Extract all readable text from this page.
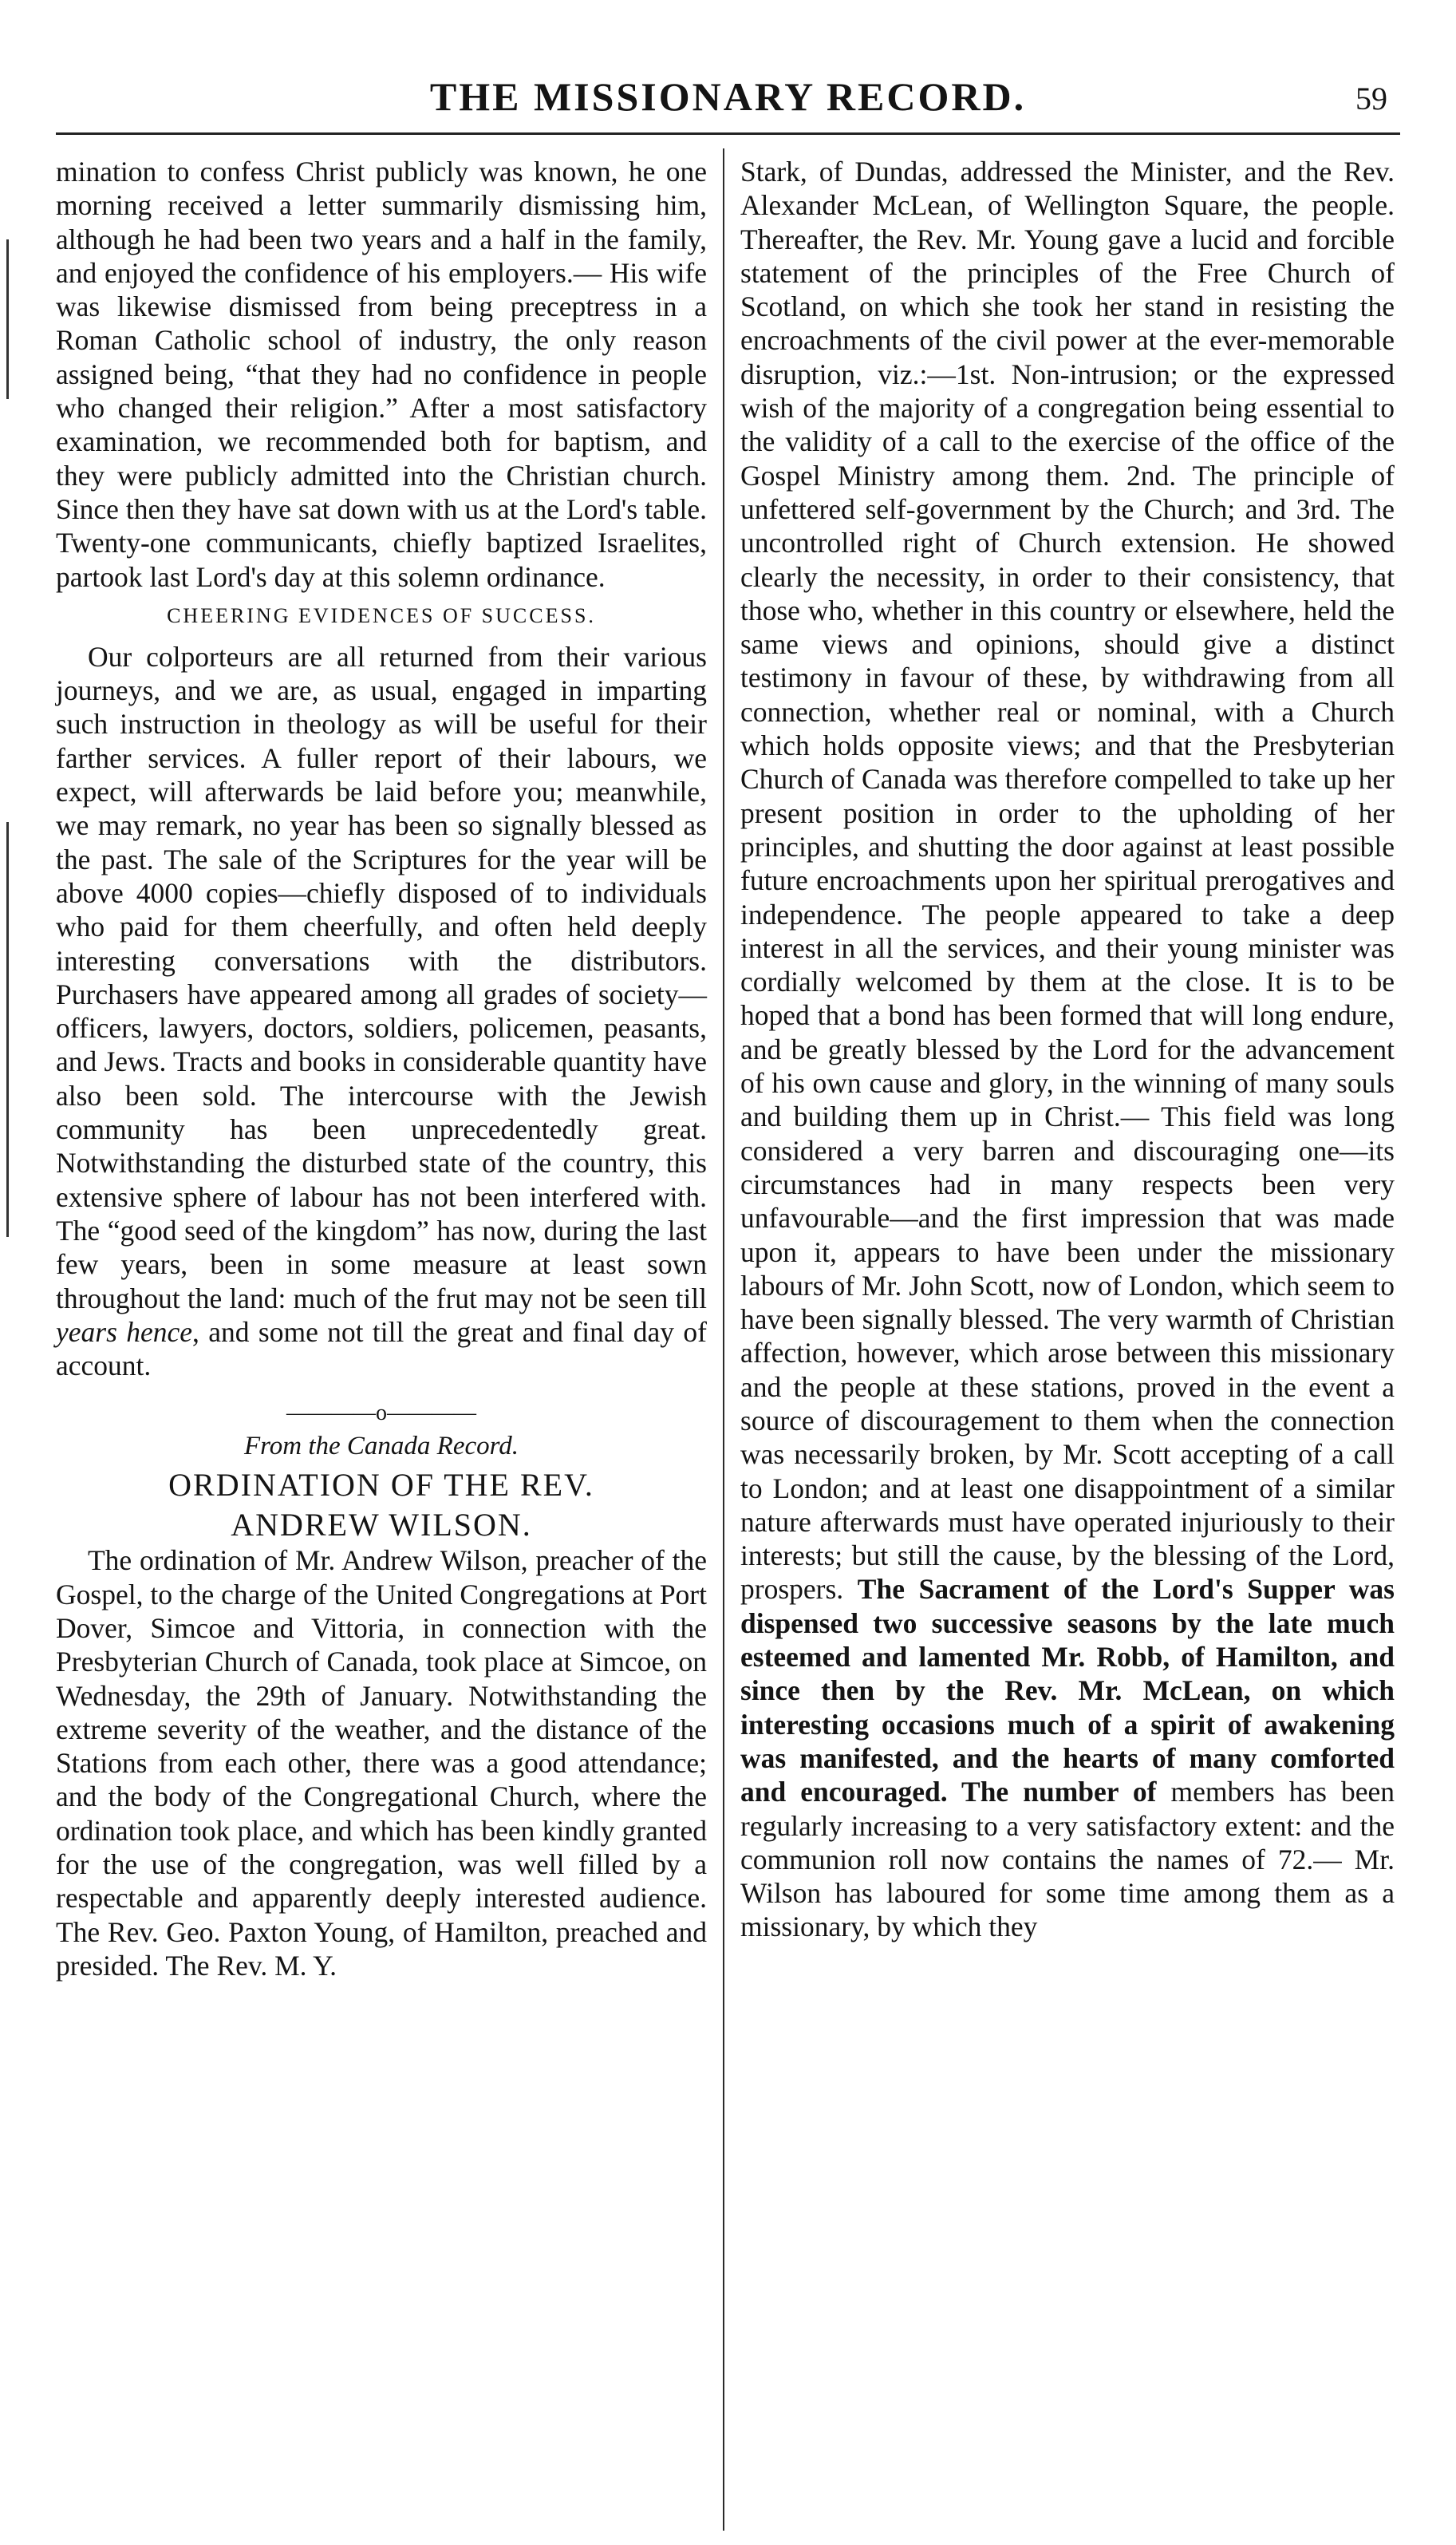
THE MISSIONARY RECORD.	59

mination to confess Christ publicly was known, he one morning received a letter summarily dismissing him, although he had been two years and a half in the family, and enjoyed the confidence of his employers.— His wife was likewise dismissed from being preceptress in a Roman Catholic school of industry, the only reason assigned being, “that they had no confidence in people who changed their religion.” After a most satisfactory examination, we recommended both for baptism, and they were publicly admitted into the Christian church. Since then they have sat down with us at the Lord's table. Twenty-one communicants, chiefly baptized Israelites, partook last Lord's day at this solemn ordinance.

CHEERING EVIDENCES OF SUCCESS.

Our colporteurs are all returned from their various journeys, and we are, as usual, engaged in imparting such instruction in theology as will be useful for their farther services. A fuller report of their labours, we expect, will afterwards be laid before you; meanwhile, we may remark, no year has been so signally blessed as the past. The sale of the Scriptures for the year will be above 4000 copies—chiefly disposed of to individuals who paid for them cheerfully, and often held deeply interesting conversations with the distributors. Purchasers have appeared among all grades of society—officers, lawyers, doctors, soldiers, policemen, peasants, and Jews. Tracts and books in considerable quantity have also been sold. The intercourse with the Jewish community has been unprecedentedly great. Notwithstanding the disturbed state of the country, this extensive sphere of labour has not been interfered with. The “good seed of the kingdom” has now, during the last few years, been in some measure at least sown throughout the land: much of the frut may not be seen till years hence, and some not till the great and final day of account.

————o————
From the Canada Record.
ORDINATION OF THE REV.
ANDREW WILSON.

The ordination of Mr. Andrew Wilson, preacher of the Gospel, to the charge of the United Congregations at Port Dover, Simcoe and Vittoria, in connection with the Presbyterian Church of Canada, took place at Simcoe, on Wednesday, the 29th of January. Notwithstanding the extreme severity of the weather, and the distance of the Stations from each other, there was a good attendance; and the body of the Congregational Church, where the ordination took place, and which has been kindly granted for the use of the congregation, was well filled by a respectable and apparently deeply interested audience. The Rev. Geo. Paxton Young, of Hamilton, preached and presided. The Rev. M. Y.

Stark, of Dundas, addressed the Minister, and the Rev. Alexander McLean, of Wellington Square, the people. Thereafter, the Rev. Mr. Young gave a lucid and forcible statement of the principles of the Free Church of Scotland, on which she took her stand in resisting the encroachments of the civil power at the ever-memorable disruption, viz.:—1st. Non-intrusion; or the expressed wish of the majority of a congregation being essential to the validity of a call to the exercise of the office of the Gospel Ministry among them. 2nd. The principle of unfettered self-government by the Church; and 3rd. The uncontrolled right of Church extension. He showed clearly the necessity, in order to their consistency, that those who, whether in this country or elsewhere, held the same views and opinions, should give a distinct testimony in favour of these, by withdrawing from all connection, whether real or nominal, with a Church which holds opposite views; and that the Presbyterian Church of Canada was therefore compelled to take up her present position in order to the upholding of her principles, and shutting the door against at least possible future encroachments upon her spiritual prerogatives and independence. The people appeared to take a deep interest in all the services, and their young minister was cordially welcomed by them at the close. It is to be hoped that a bond has been formed that will long endure, and be greatly blessed by the Lord for the advancement of his own cause and glory, in the winning of many souls and building them up in Christ.— This field was long considered a very barren and discouraging one—its circumstances had in many respects been very unfavourable—and the first impression that was made upon it, appears to have been under the missionary labours of Mr. John Scott, now of London, which seem to have been signally blessed. The very warmth of Christian affection, however, which arose between this missionary and the people at these stations, proved in the event a source of discouragement to them when the connection was necessarily broken, by Mr. Scott accepting of a call to London; and at least one disappointment of a similar nature afterwards must have operated injuriously to their interests; but still the cause, by the blessing of the Lord, prospers. The Sacrament of the Lord's Supper was dispensed two successive seasons by the late much esteemed and lamented Mr. Robb, of Hamilton, and since then by the Rev. Mr. McLean, on which interesting occasions much of a spirit of awakening was manifested, and the hearts of many comforted and encouraged. The number of members has been regularly increasing to a very satisfactory extent: and the communion roll now contains the names of 72.— Mr. Wilson has laboured for some time among them as a missionary, by which they
